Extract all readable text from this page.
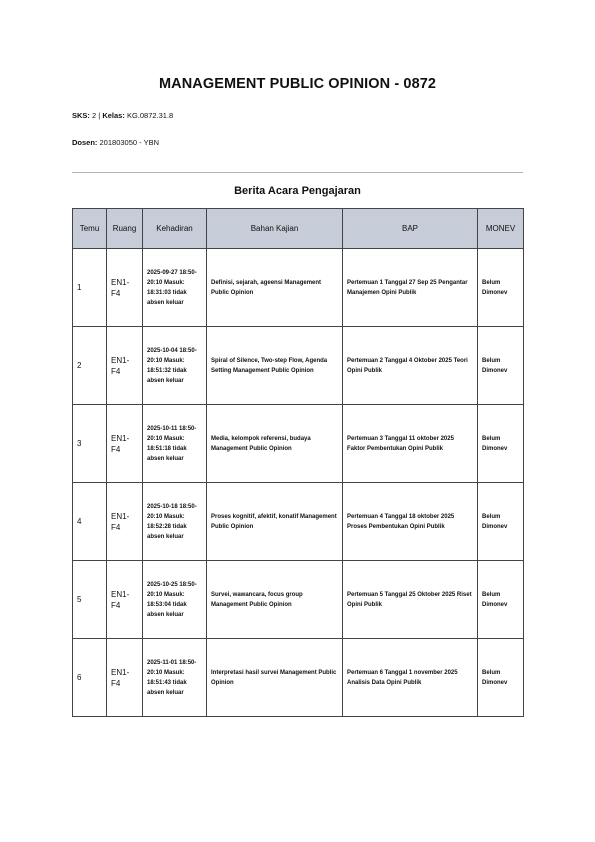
MANAGEMENT PUBLIC OPINION - 0872
SKS: 2 | Kelas: KG.0872.31.8
Dosen: 201803050 - YBN
Berita Acara Pengajaran
Temu	Ruang	Kehadiran	Bahan Kajian	BAP	MONEV
1	EN1-F4	2025-09-27 18:50-20:10 Masuk: 18:31:03 tidak absen keluar	Definisi, sejarah, ageensi Management Public Opinion	Pertemuan 1 Tanggal 27 Sep 25 Pengantar Manajemen Opini Publik	Belum Dimonev
2	EN1-F4	2025-10-04 18:50-20:10 Masuk: 18:51:32 tidak absen keluar	Spiral of Silence, Two-step Flow, Agenda Setting Management Public Opinion	Pertemuan 2 Tanggal 4 Oktober 2025 Teori Opini Publik	Belum Dimonev
3	EN1-F4	2025-10-11 18:50-20:10 Masuk: 18:51:18 tidak absen keluar	Media, kelompok referensi, budaya Management Public Opinion	Pertemuan 3 Tanggal 11 oktober 2025 Faktor Pembentukan Opini Publik	Belum Dimonev
4	EN1-F4	2025-10-18 18:50-20:10 Masuk: 18:52:28 tidak absen keluar	Proses kognitif, afektif, konatif Management Public Opinion	Pertemuan 4 Tanggal 18 oktober 2025 Proses Pembentukan Opini Publik	Belum Dimonev
5	EN1-F4	2025-10-25 18:50-20:10 Masuk: 18:53:04 tidak absen keluar	Survei, wawancara, focus group Management Public Opinion	Pertemuan 5 Tanggal 25 Oktober 2025 Riset Opini Publik	Belum Dimonev
6	EN1-F4	2025-11-01 18:50-20:10 Masuk: 18:51:43 tidak absen keluar	Interpretasi hasil survei Management Public Opinion	Pertemuan 6 Tanggal 1 november 2025 Analisis Data Opini Publik	Belum Dimonev
